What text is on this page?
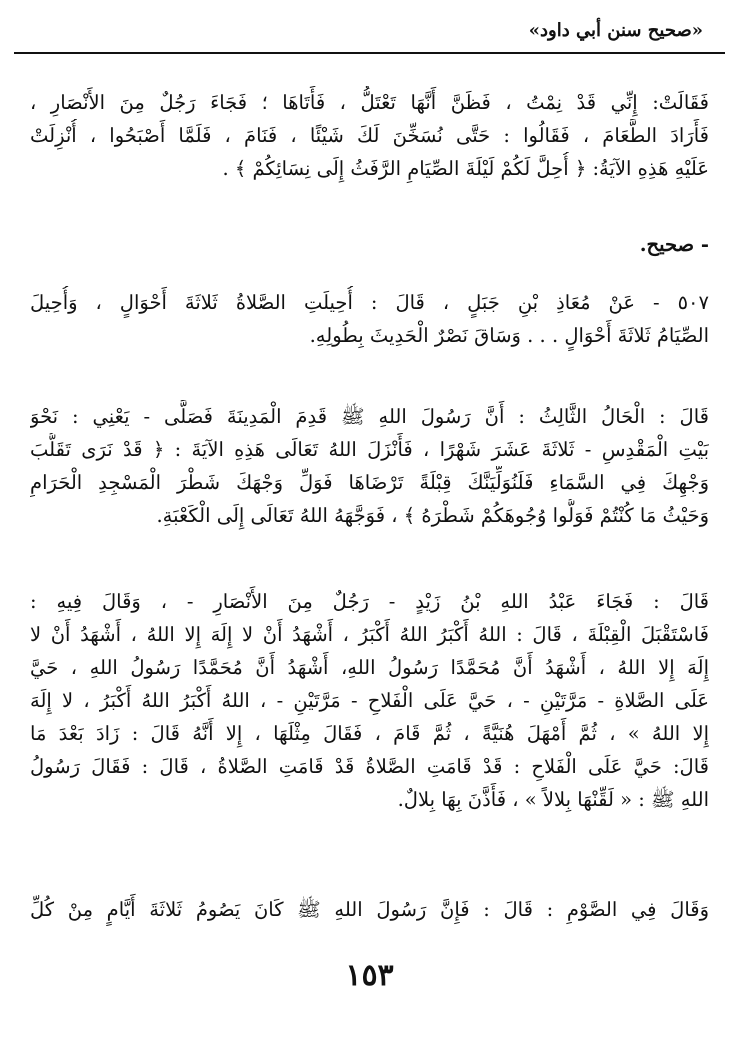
«صحيح سنن أبي داود»
فَقَالَتْ: إِنِّي قَدْ نِمْتُ ، فَظَنَّ أَنَّهَا تَعْتَلُّ ، فَأَتَاهَا ؛ فَجَاءَ رَجُلٌ مِنَ الأَنْصَارِ ،
فَأَرَادَ الطَّعَامَ ، فَقَالُوا : حَتَّى نُسَخِّنَ لَكَ شَيْئًا ، فَنَامَ ، فَلَمَّا أَصْبَحُوا ، أُنْزِلَتْ
عَلَيْهِ هَذِهِ الآيَةُ: ﴿ أُحِلَّ لَكُمْ لَيْلَةَ الصِّيَامِ الرَّفَثُ إِلَى نِسَائِكُمْ ﴾ .
- صحيح.
٥٠٧ - عَنْ مُعَاذِ بْنِ جَبَلٍ ، قَالَ : أُحِيلَتِ الصَّلاةُ ثَلاثَةَ أَحْوَالٍ ، وَأُحِيلَ
الصِّيَامُ ثَلاثَةَ أَحْوَالٍ . . . وَسَاقَ نَصْرٌ الْحَدِيثَ بِطُولِهِ.
قَالَ : الْحَالُ الثَّالِثُ : أَنَّ رَسُولَ اللهِ ﷺ قَدِمَ الْمَدِينَةَ فَصَلَّى - يَعْنِي : نَحْوَ
بَيْتِ الْمَقْدِسِ - ثَلاثَةَ عَشَرَ شَهْرًا ، فَأَنْزَلَ اللهُ تَعَالَى هَذِهِ الآيَةَ : ﴿ قَدْ نَرَى تَقَلُّبَ
وَجْهِكَ فِي السَّمَاءِ فَلَنُوَلِّيَنَّكَ قِبْلَةً تَرْضَاهَا فَوَلِّ وَجْهَكَ شَطْرَ الْمَسْجِدِ الْحَرَامِ
وَحَيْثُ مَا كُنْتُمْ فَوَلُّوا وُجُوهَكُمْ شَطْرَهُ ﴾ ، فَوَجَّهَهُ اللهُ تَعَالَى إِلَى الْكَعْبَةِ.
قَالَ : فَجَاءَ عَبْدُ اللهِ بْنُ زَيْدٍ - رَجُلٌ مِنَ الأَنْصَارِ - ، وَقَالَ فِيهِ :
فَاسْتَقْبَلَ الْقِبْلَةَ ، قَالَ : اللهُ أَكْبَرُ اللهُ أَكْبَرُ ، أَشْهَدُ أَنْ لا إِلَهَ إِلا اللهُ ، أَشْهَدُ أَنْ لا
إِلَهَ إِلا اللهُ ، أَشْهَدُ أَنَّ مُحَمَّدًا رَسُولُ اللهِ، أَشْهَدُ أَنَّ مُحَمَّدًا رَسُولُ اللهِ ، حَيَّ
عَلَى الصَّلاةِ - مَرَّتَيْنِ - ، حَيَّ عَلَى الْفَلاحِ - مَرَّتَيْنِ - ، اللهُ أَكْبَرُ اللهُ أَكْبَرُ ، لا إِلَهَ
إِلا اللهُ » ، ثُمَّ أَمْهَلَ هُنَيَّةً ، ثُمَّ قَامَ ، فَقَالَ مِثْلَهَا ، إِلا أَنَّهُ قَالَ : زَادَ بَعْدَ مَا
قَالَ: حَيَّ عَلَى الْفَلاحِ : قَدْ قَامَتِ الصَّلاةُ قَدْ قَامَتِ الصَّلاةُ ، قَالَ : فَقَالَ رَسُولُ
اللهِ ﷺ : « لَقِّنْهَا بِلالاً » ، فَأَذَّنَ بِهَا بِلالٌ.
وَقَالَ فِي الصَّوْمِ : قَالَ : فَإِنَّ رَسُولَ اللهِ ﷺ كَانَ يَصُومُ ثَلاثَةَ أَيَّامٍ مِنْ كُلِّ
١٥٣
